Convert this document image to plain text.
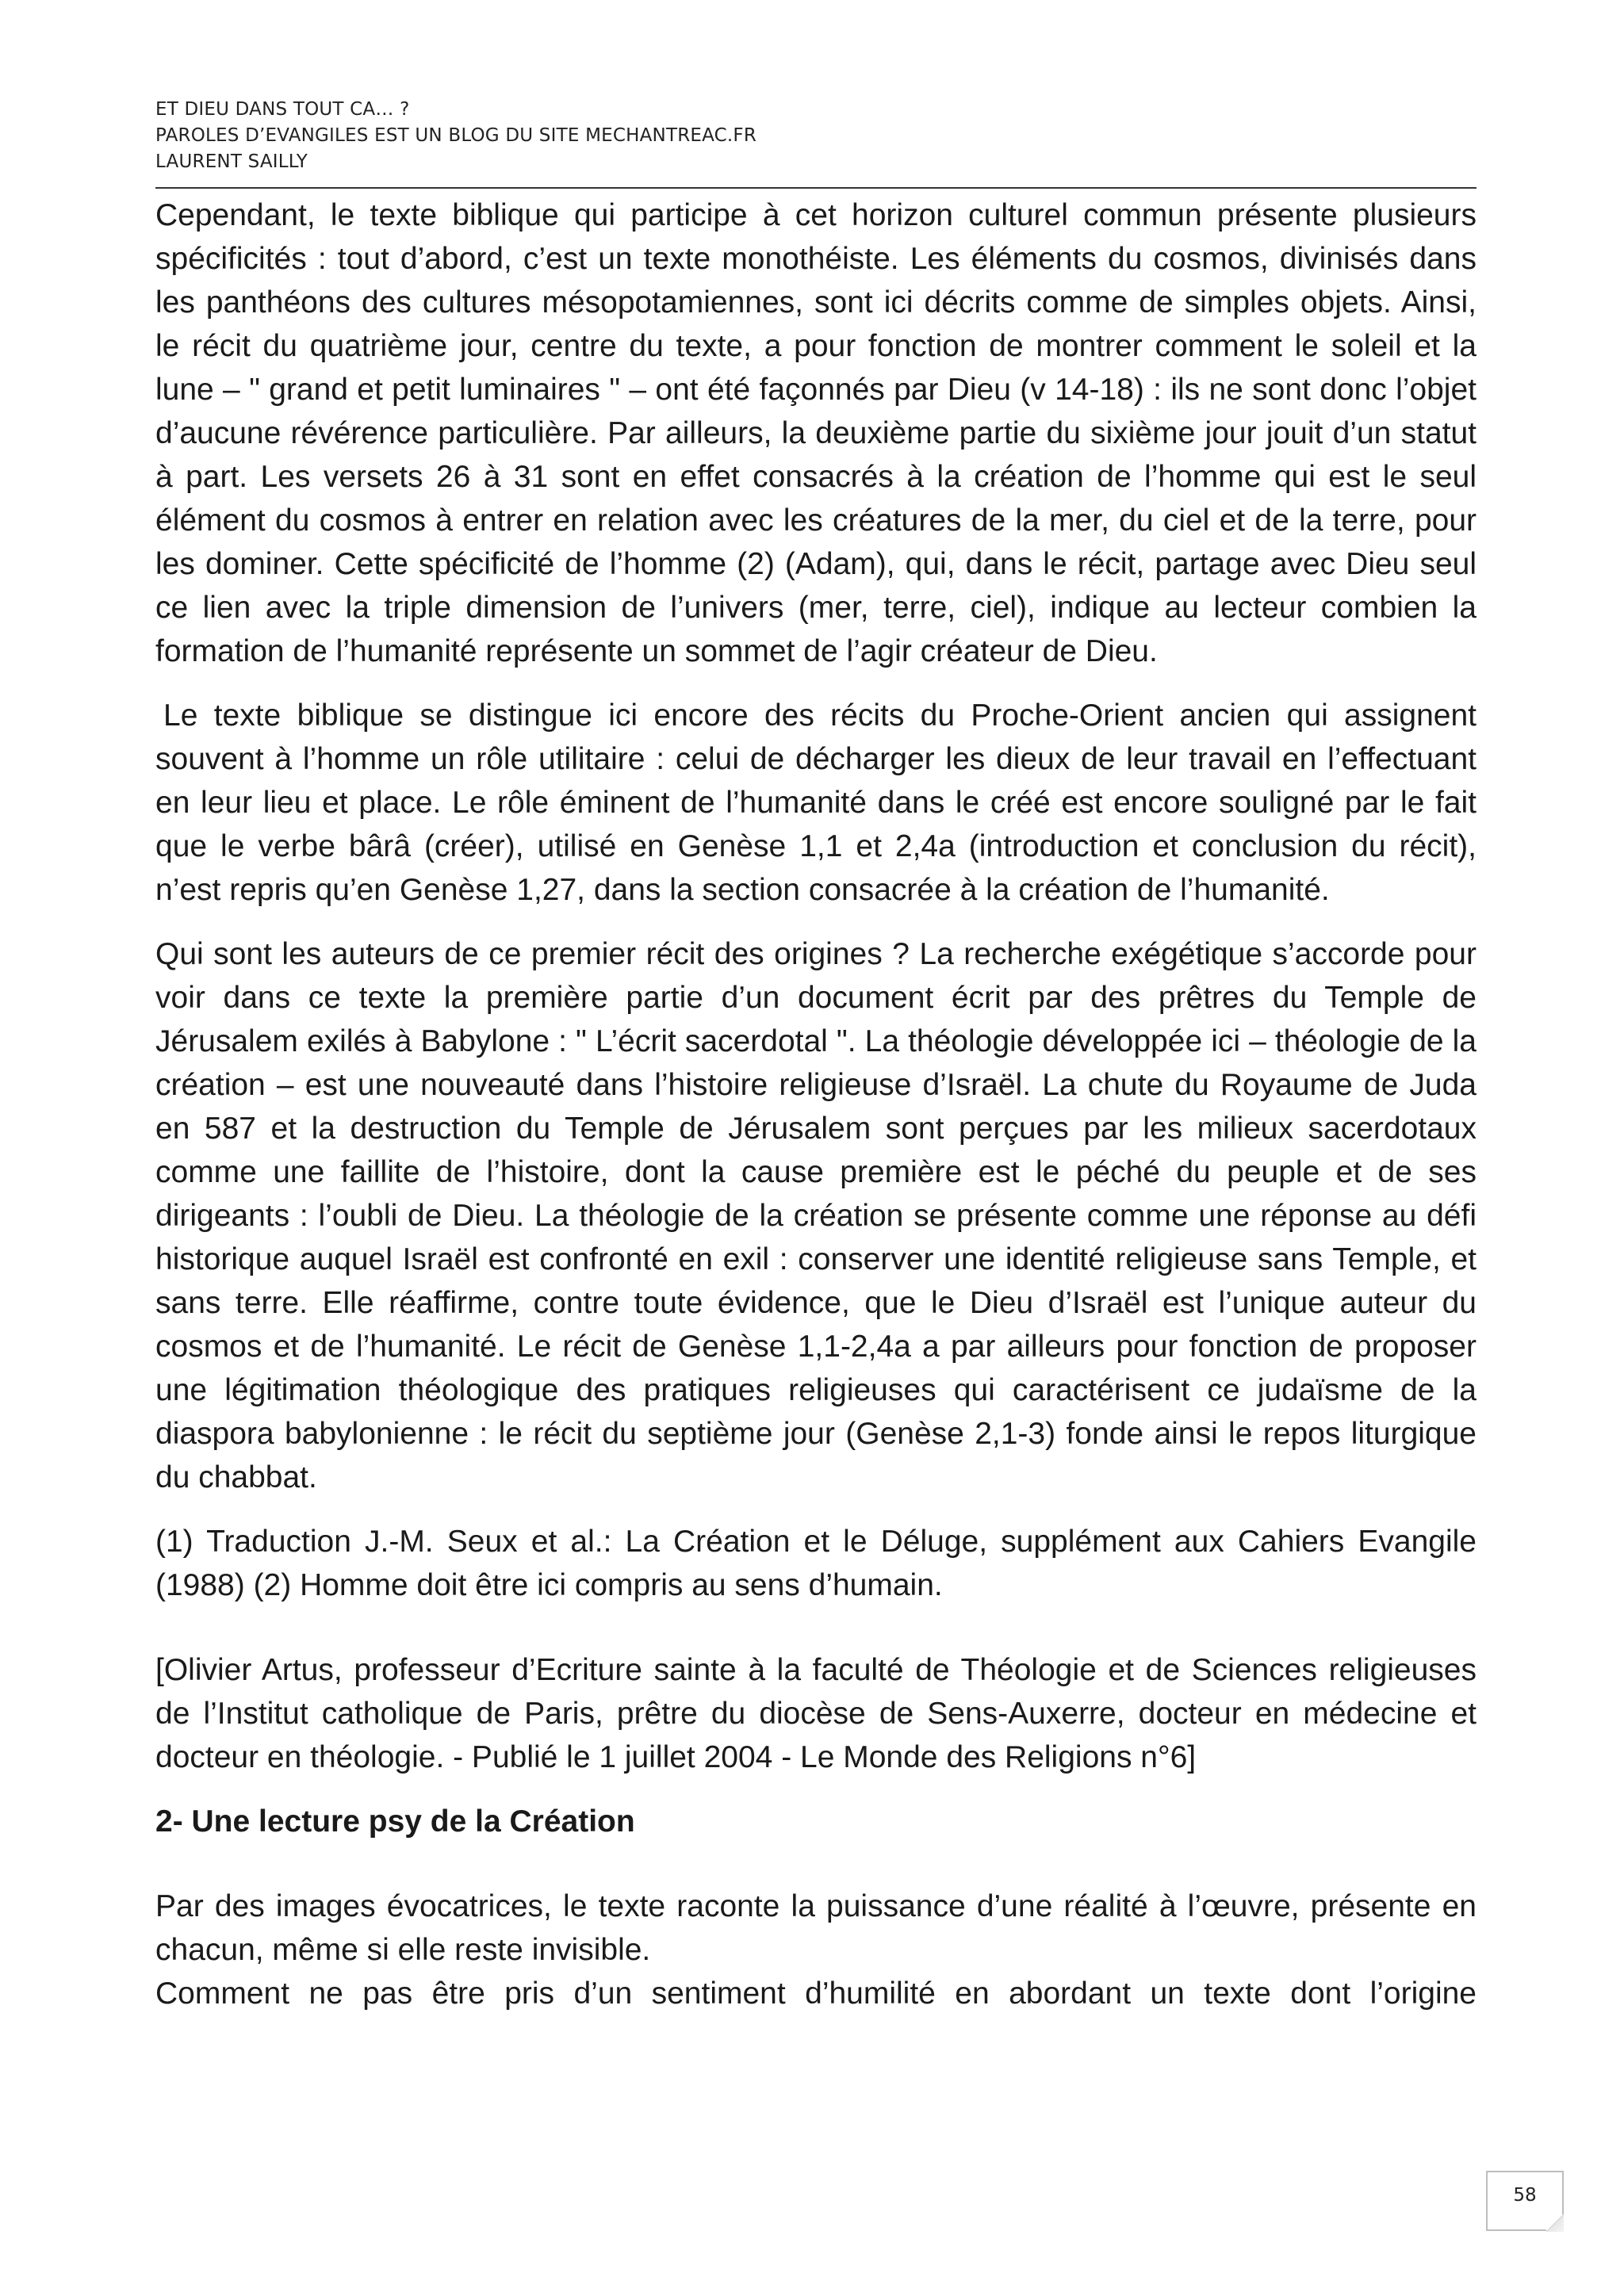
ET DIEU DANS TOUT CA… ?
PAROLES D’EVANGILES EST UN BLOG DU SITE MECHANTREAC.FR
LAURENT SAILLY

Cependant, le texte biblique qui participe à cet horizon culturel commun présente plusieurs spécificités : tout d’abord, c’est un texte monothéiste. Les éléments du cosmos, divinisés dans les panthéons des cultures mésopotamiennes, sont ici décrits comme de simples objets. Ainsi, le récit du quatrième jour, centre du texte, a pour fonction de montrer comment le soleil et la lune – " grand et petit luminaires " – ont été façonnés par Dieu (v 14-18) : ils ne sont donc l’objet d’aucune révérence particulière. Par ailleurs, la deuxième partie du sixième jour jouit d’un statut à part. Les versets 26 à 31 sont en effet consacrés à la création de l’homme qui est le seul élément du cosmos à entrer en relation avec les créatures de la mer, du ciel et de la terre, pour les dominer. Cette spécificité de l’homme (2) (Adam), qui, dans le récit, partage avec Dieu seul ce lien avec la triple dimension de l’univers (mer, terre, ciel), indique au lecteur combien la formation de l’humanité représente un sommet de l’agir créateur de Dieu.

Le texte biblique se distingue ici encore des récits du Proche-Orient ancien qui assignent souvent à l’homme un rôle utilitaire : celui de décharger les dieux de leur travail en l’effectuant en leur lieu et place. Le rôle éminent de l’humanité dans le créé est encore souligné par le fait que le verbe bârâ (créer), utilisé en Genèse 1,1 et 2,4a (introduction et conclusion du récit), n’est repris qu’en Genèse 1,27, dans la section consacrée à la création de l’humanité.

Qui sont les auteurs de ce premier récit des origines ? La recherche exégétique s’accorde pour voir dans ce texte la première partie d’un document écrit par des prêtres du Temple de Jérusalem exilés à Babylone : " L’écrit sacerdotal ". La théologie développée ici – théologie de la création – est une nouveauté dans l’histoire religieuse d’Israël. La chute du Royaume de Juda en 587 et la destruction du Temple de Jérusalem sont perçues par les milieux sacerdotaux comme une faillite de l’histoire, dont la cause première est le péché du peuple et de ses dirigeants : l’oubli de Dieu. La théologie de la création se présente comme une réponse au défi historique auquel Israël est confronté en exil : conserver une identité religieuse sans Temple, et sans terre. Elle réaffirme, contre toute évidence, que le Dieu d’Israël est l’unique auteur du cosmos et de l’humanité. Le récit de Genèse 1,1-2,4a a par ailleurs pour fonction de proposer une légitimation théologique des pratiques religieuses qui caractérisent ce judaïsme de la diaspora babylonienne : le récit du septième jour (Genèse 2,1-3) fonde ainsi le repos liturgique du chabbat.

(1) Traduction J.-M. Seux et al.: La Création et le Déluge, supplément aux Cahiers Evangile (1988) (2) Homme doit être ici compris au sens d’humain.

[Olivier Artus, professeur d’Ecriture sainte à la faculté de Théologie et de Sciences religieuses de l’Institut catholique de Paris, prêtre du diocèse de Sens-Auxerre, docteur en médecine et docteur en théologie. - Publié le 1 juillet 2004 - Le Monde des Religions n°6]

2- Une lecture psy de la Création

Par des images évocatrices, le texte raconte la puissance d’une réalité à l’œuvre, présente en chacun, même si elle reste invisible.

Comment ne pas être pris d’un sentiment d’humilité en abordant un texte dont l’origine

58
